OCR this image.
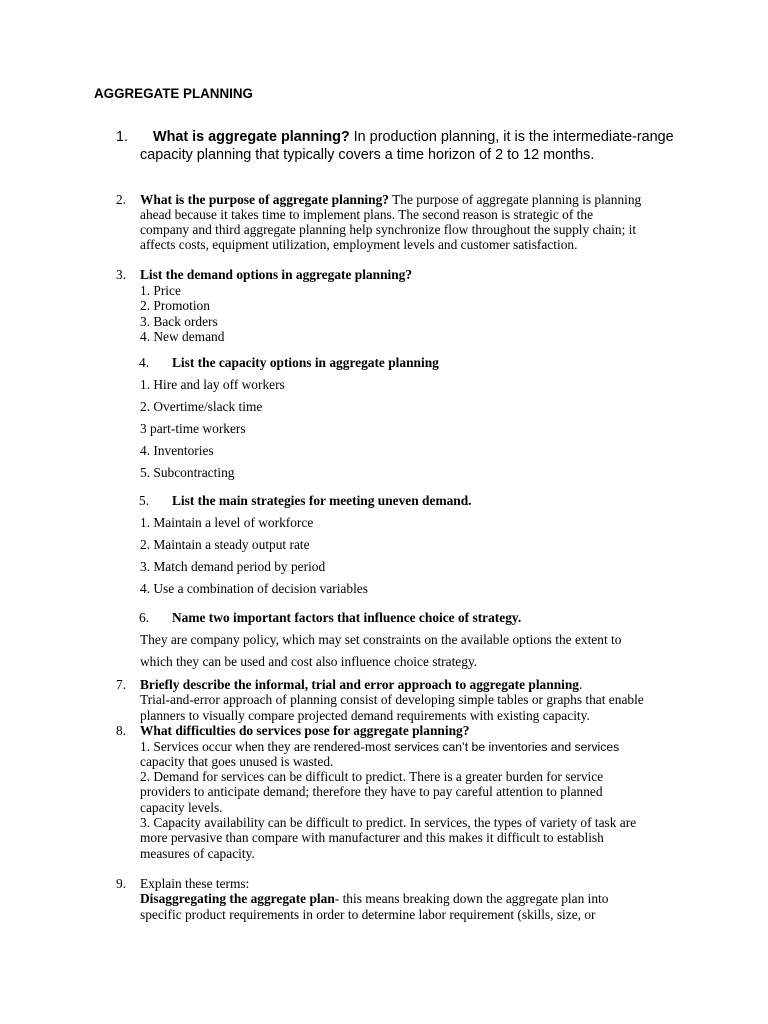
AGGREGATE PLANNING
1. What is aggregate planning? In production planning, it is the intermediate-range
capacity planning that typically covers a time horizon of 2 to 12 months.
2. What is the purpose of aggregate planning? The purpose of aggregate planning is planning
ahead because it takes time to implement plans. The second reason is strategic of the
company and third aggregate planning help synchronize flow throughout the supply chain; it
affects costs, equipment utilization, employment levels and customer satisfaction.
3. List the demand options in aggregate planning?
1. Price
2. Promotion
3. Back orders
4. New demand
4. List the capacity options in aggregate planning
1. Hire and lay off workers
2. Overtime/slack time
3 part-time workers
4. Inventories
5. Subcontracting
5. List the main strategies for meeting uneven demand.
1. Maintain a level of workforce
2. Maintain a steady output rate
3. Match demand period by period
4. Use a combination of decision variables
6. Name two important factors that influence choice of strategy.
They are company policy, which may set constraints on the available options the extent to
which they can be used and cost also influence choice strategy.
7. Briefly describe the informal, trial and error approach to aggregate planning.
Trial-and-error approach of planning consist of developing simple tables or graphs that enable
planners to visually compare projected demand requirements with existing capacity.
8. What difficulties do services pose for aggregate planning?
1. Services occur when they are rendered-most services can’t be inventories and services
capacity that goes unused is wasted.
2. Demand for services can be difficult to predict. There is a greater burden for service
providers to anticipate demand; therefore they have to pay careful attention to planned
capacity levels.
3. Capacity availability can be difficult to predict. In services, the types of variety of task are
more pervasive than compare with manufacturer and this makes it difficult to establish
measures of capacity.
9. Explain these terms:
Disaggregating the aggregate plan- this means breaking down the aggregate plan into
specific product requirements in order to determine labor requirement (skills, size, or
